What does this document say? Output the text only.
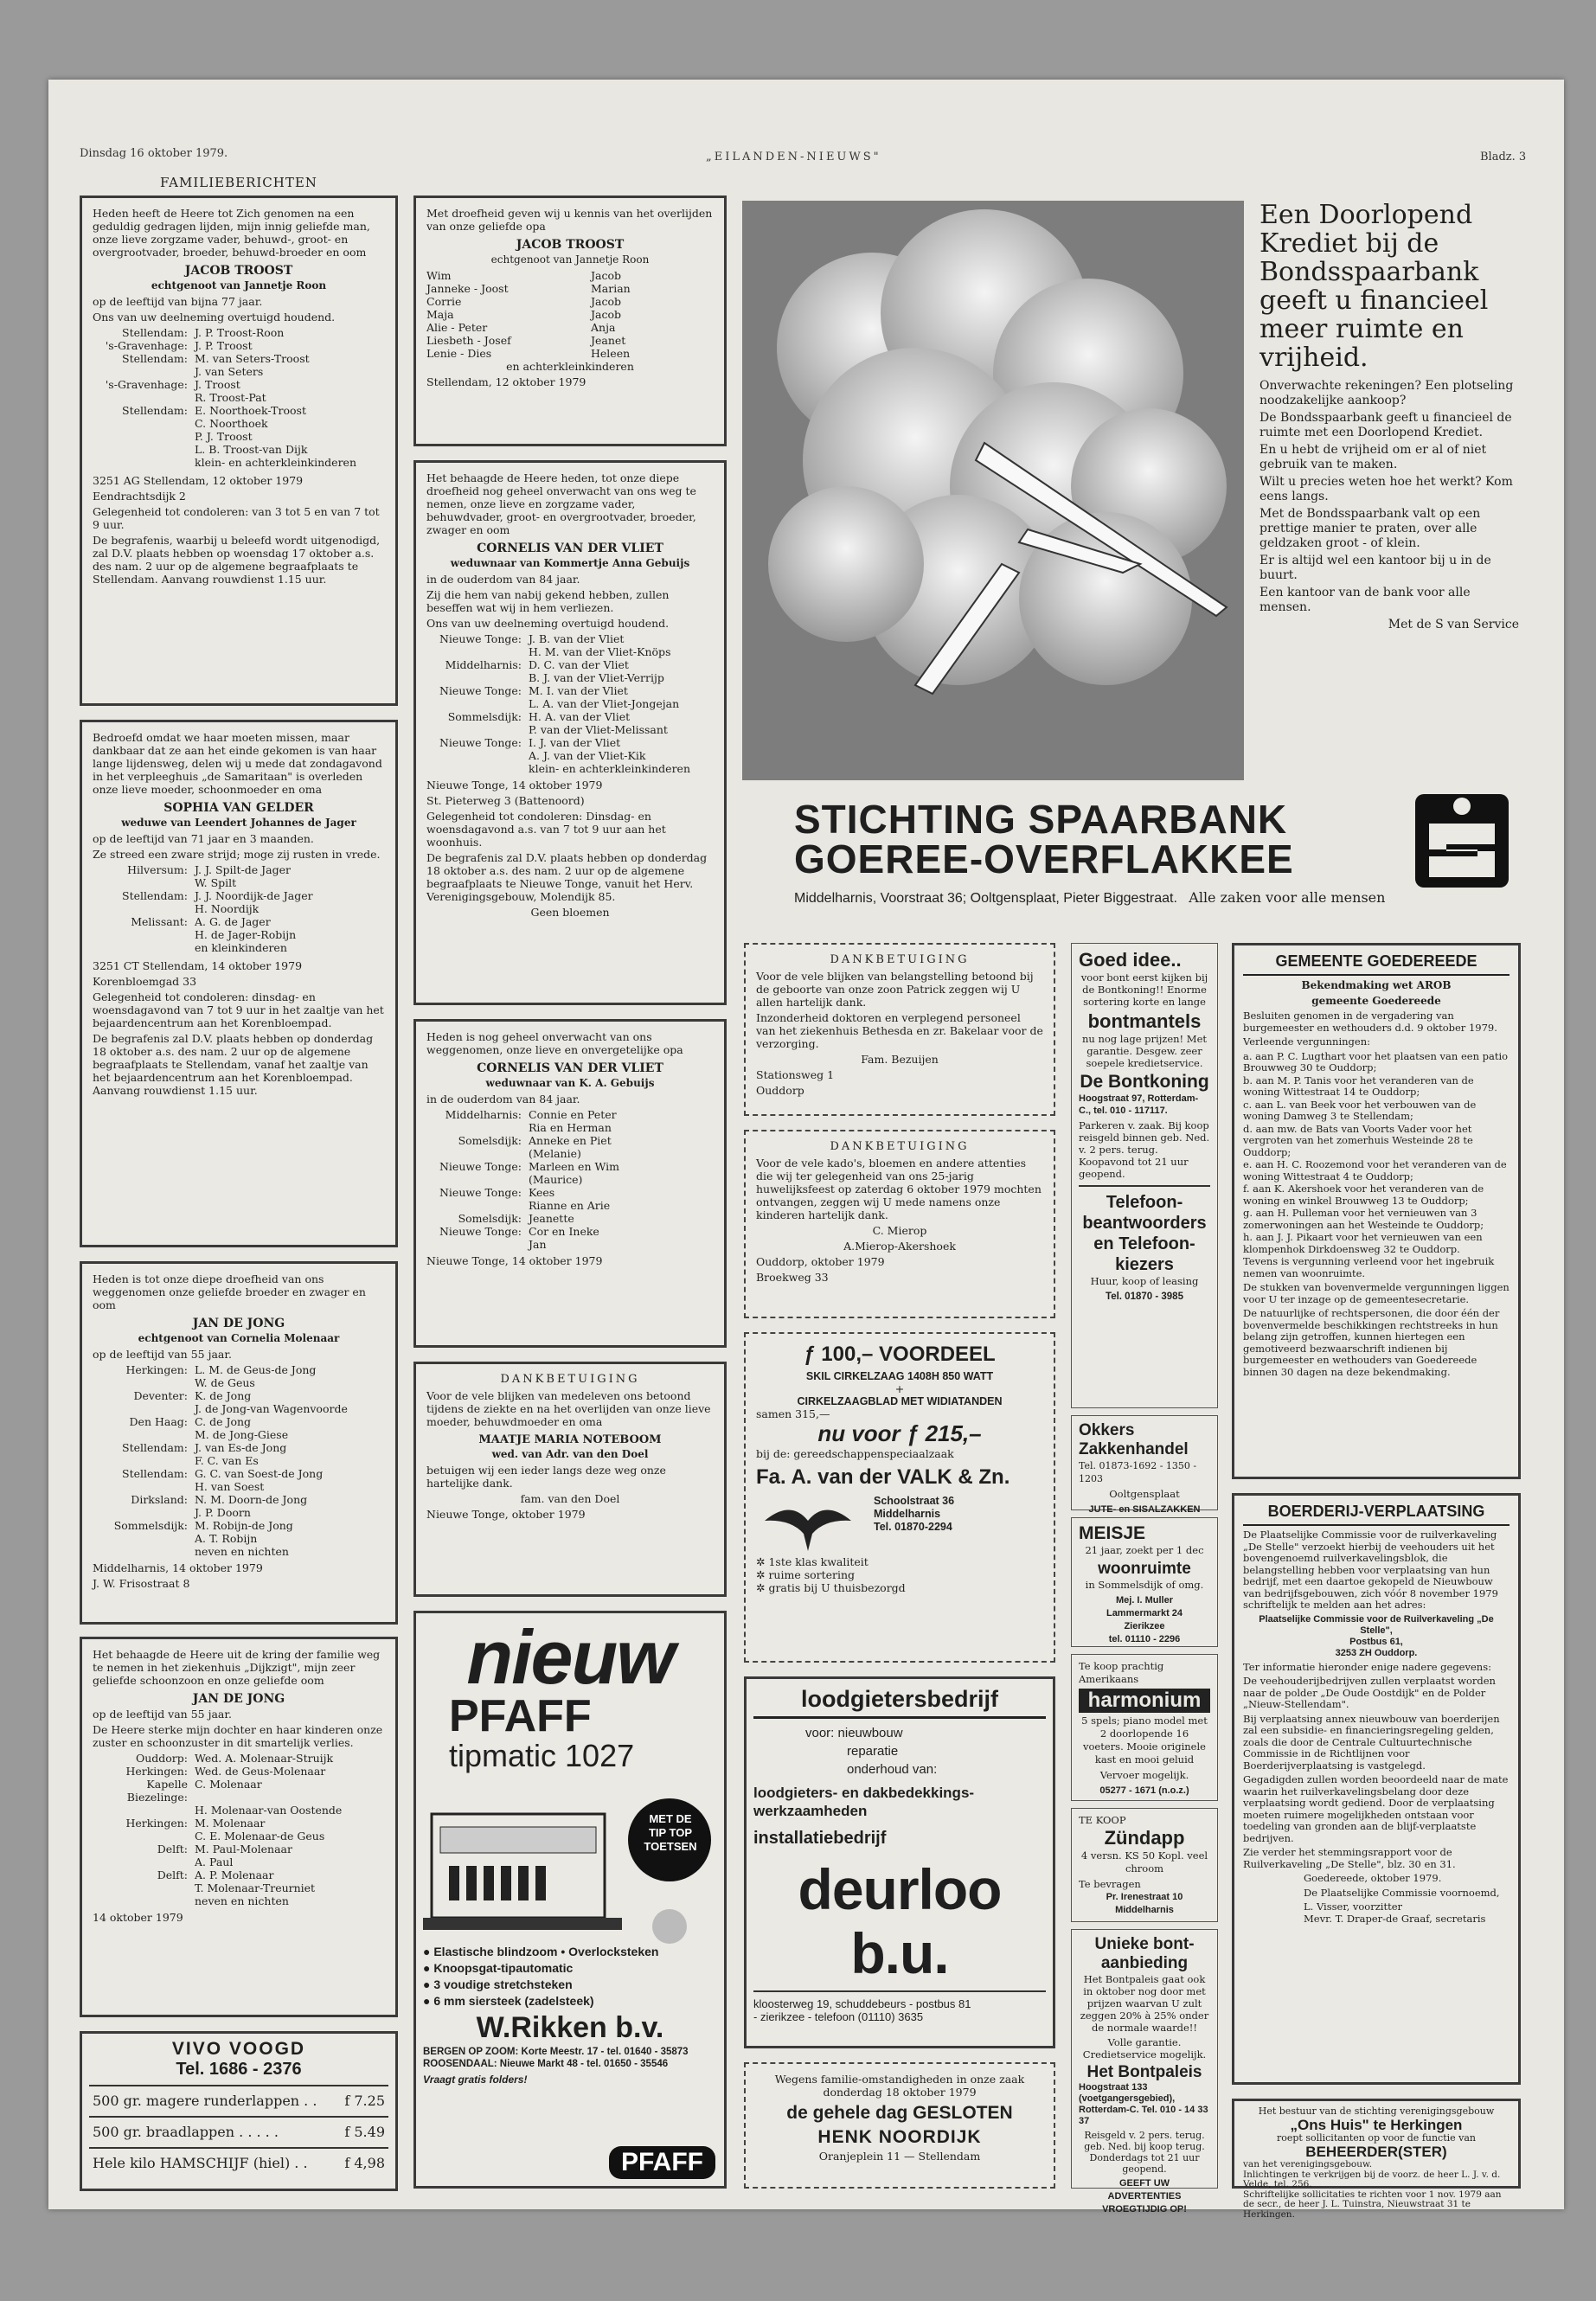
Dinsdag 16 oktober 1979.	„EILANDEN-NIEUWS"	Bladz. 3
FAMILIEBERICHTEN

Heden heeft de Heere tot Zich genomen na een geduldig gedragen lijden, mijn innig geliefde man, onze lieve zorgzame vader, behuwd-, groot- en overgrootvader, broeder, behuwd-broeder en oom

JACOB TROOST
echtgenoot van Jannetje Roon

op de leeftijd van bijna 77 jaar.

Ons van uw deelneming overtuigd houdend.

Stellendam: J. P. Troost-Roon
's-Gravenhage: J. P. Troost
Stellendam: M. van Seters-Troost
J. van Seters
's-Gravenhage: J. Troost
R. Troost-Pat
Stellendam: E. Noorthoek-Troost
C. Noorthoek
P. J. Troost
L. B. Troost-van Dijk
klein- en achterkleinkinderen

3251 AG Stellendam, 12 oktober 1979

Eendrachtsdijk 2

Gelegenheid tot condoleren: van 3 tot 5 en van 7 tot 9 uur.

De begrafenis, waarbij u beleefd wordt uitgenodigd, zal D.V. plaats hebben op woensdag 17 oktober a.s. des nam. 2 uur op de algemene begraafplaats te Stellendam. Aanvang rouwdienst 1.15 uur.

Bedroefd omdat we haar moeten missen, maar dankbaar dat ze aan het einde gekomen is van haar lange lijdensweg, delen wij u mede dat zondagavond in het verpleeghuis „de Samaritaan" is overleden onze lieve moeder, schoonmoeder en oma

SOPHIA VAN GELDER
weduwe van Leendert Johannes de Jager

op de leeftijd van 71 jaar en 3 maanden.

Ze streed een zware strijd; moge zij rusten in vrede.

Hilversum: J. J. Spilt-de Jager
W. Spilt
Stellendam: J. J. Noordijk-de Jager
H. Noordijk
Melissant: A. G. de Jager
H. de Jager-Robijn
en kleinkinderen

3251 CT Stellendam, 14 oktober 1979

Korenbloemgad 33

Gelegenheid tot condoleren: dinsdag- en woensdagavond van 7 tot 9 uur in het zaaltje van het bejaardencentrum aan het Korenbloempad.

De begrafenis zal D.V. plaats hebben op donderdag 18 oktober a.s. des nam. 2 uur op de algemene begraafplaats te Stellendam, vanaf het zaaltje van het bejaardencentrum aan het Korenbloempad. Aanvang rouwdienst 1.15 uur.

Heden is tot onze diepe droefheid van ons weggenomen onze geliefde broeder en zwager en oom

JAN DE JONG
echtgenoot van Cornelia Molenaar

op de leeftijd van 55 jaar.

Herkingen: L. M. de Geus-de Jong
W. de Geus
Deventer: K. de Jong
J. de Jong-van Wagenvoorde
Den Haag: C. de Jong
M. de Jong-Giese
Stellendam: J. van Es-de Jong
F. C. van Es
Stellendam: G. C. van Soest-de Jong
H. van Soest
Dirksland: N. M. Doorn-de Jong
J. P. Doorn
Sommelsdijk: M. Robijn-de Jong
A. T. Robijn
neven en nichten

Middelharnis, 14 oktober 1979

J. W. Frisostraat 8

Het behaagde de Heere uit de kring der familie weg te nemen in het ziekenhuis „Dijkzigt", mijn zeer geliefde schoonzoon en onze geliefde oom

JAN DE JONG

op de leeftijd van 55 jaar.

De Heere sterke mijn dochter en haar kinderen onze zuster en schoonzuster in dit smartelijk verlies.

Ouddorp: Wed. A. Molenaar-Struijk
Herkingen: Wed. de Geus-Molenaar
Kapelle Biezelinge:
C. Molenaar
H. Molenaar-van Oostende
Herkingen: M. Molenaar
C. E. Molenaar-de Geus
Delft: M. Paul-Molenaar
A. Paul
Delft: A. P. Molenaar
T. Molenaar-Treurniet
neven en nichten

14 oktober 1979

VIVO VOOGD
Tel. 1686 - 2376
500 gr. magere runderlappen . . f 7.25
500 gr. braadlappen . . . . .	f 5.49
Hele kilo HAMSCHIJF (hiel) . .	f 4,98

Met droefheid geven wij u kennis van het overlijden van onze geliefde opa

JACOB TROOST
echtgenoot van Jannetje Roon
Wim	Jacob
Janneke - Joost	Marian
Corrie	Jacob
Maja	Jacob
Alie - Peter	Anja
Liesbeth - Josef	Jeanet
Lenie - Dies	Heleen

en achterkleinkinderen

Stellendam, 12 oktober 1979

Het behaagde de Heere heden, tot onze diepe droefheid nog geheel onverwacht van ons weg te nemen, onze lieve en zorgzame vader, behuwdvader, groot- en overgrootvader, broeder, zwager en oom

CORNELIS VAN DER VLIET
weduwnaar van Kommertje Anna Gebuijs

in de ouderdom van 84 jaar.

Zij die hem van nabij gekend hebben, zullen beseffen wat wij in hem verliezen.

Ons van uw deelneming overtuigd houdend.

Nieuwe Tonge: J. B. van der Vliet
H. M. van der Vliet-Knöps
Middelharnis: D. C. van der Vliet
B. J. van der Vliet-Verrijp
Nieuwe Tonge: M. I. van der Vliet
L. A. van der Vliet-Jongejan
Sommelsdijk: H. A. van der Vliet
P. van der Vliet-Melissant
Nieuwe Tonge: I. J. van der Vliet
A. J. van der Vliet-Kik
klein- en achterkleinkinderen

Nieuwe Tonge, 14 oktober 1979

St. Pieterweg 3 (Battenoord)

Gelegenheid tot condoleren: Dinsdag- en woensdagavond a.s. van 7 tot 9 uur aan het woonhuis.

De begrafenis zal D.V. plaats hebben op donderdag 18 oktober a.s. des nam. 2 uur op de algemene begraafplaats te Nieuwe Tonge, vanuit het Herv. Verenigingsgebouw, Molendijk 85.

Geen bloemen

Heden is nog geheel onverwacht van ons weggenomen, onze lieve en onvergetelijke opa

CORNELIS VAN DER VLIET
weduwnaar van K. A. Gebuijs

in de ouderdom van 84 jaar.

Middelharnis: Connie en Peter
Ria en Herman
Somelsdijk: Anneke en Piet
(Melanie)
Nieuwe Tonge: Marleen en Wim
(Maurice)
Nieuwe Tonge: Kees
Rianne en Arie
Somelsdijk: Jeanette
Nieuwe Tonge: Cor en Ineke
Jan

Nieuwe Tonge, 14 oktober 1979

DANKBETUIGING

Voor de vele blijken van medeleven ons betoond tijdens de ziekte en na het overlijden van onze lieve moeder, behuwdmoeder en oma

MAATJE MARIA NOTEBOOM
wed. van Adr. van den Doel

betuigen wij een ieder langs deze weg onze hartelijke dank.

fam. van den Doel

Nieuwe Tonge, oktober 1979

nieuw
PFAFF
tipmatic 1027
MET DE
TIP TOP
TOETSEN
● Elastische blindzoom • Overlocksteken
● Knoopsgat-tipautomatic
● 3 voudige stretchsteken
● 6 mm siersteek (zadelsteek)
W.Rikken b.v.
BERGEN OP ZOOM: Korte Meestr. 17 - tel. 01640 - 35873
ROOSENDAAL: Nieuwe Markt 48 - tel. 01650 - 35546
Vraagt gratis folders!
PFAFF
Een Doorlopend Krediet bij de Bondsspaarbank geeft u financieel meer ruimte en vrijheid.

Onverwachte rekeningen? Een plotseling noodzakelijke aankoop?

De Bondsspaarbank geeft u financieel de ruimte met een Doorlopend Krediet.

En u hebt de vrijheid om er al of niet gebruik van te maken.

Wilt u precies weten hoe het werkt? Kom eens langs.

Met de Bondsspaarbank valt op een prettige manier te praten, over alle geldzaken groot - of klein.

Er is altijd wel een kantoor bij u in de buurt.

Een kantoor van de bank voor alle mensen.

Met de S van Service

STICHTING SPAARBANK
GOEREE-OVERFLAKKEE
Middelharnis, Voorstraat 36; Ooltgensplaat, Pieter Biggestraat. Alle zaken voor alle mensen
DANKBETUIGING

Voor de vele blijken van belangstelling betoond bij de geboorte van onze zoon Patrick zeggen wij U allen hartelijk dank.

Inzonderheid doktoren en verplegend personeel van het ziekenhuis Bethesda en zr. Bakelaar voor de verzorging.

Fam. Bezuijen

Stationsweg 1

Ouddorp

DANKBETUIGING

Voor de vele kado's, bloemen en andere attenties die wij ter gelegenheid van ons 25-jarig huwelijksfeest op zaterdag 6 oktober 1979 mochten ontvangen, zeggen wij U mede namens onze kinderen hartelijk dank.

C. Mierop

A.Mierop-Akershoek

Ouddorp, oktober 1979

Broekweg 33

ƒ 100,– VOORDEEL
SKIL CIRKELZAAG 1408H 850 WATT
+
CIRKELZAAGBLAD MET WIDIATANDEN
samen 315,—
nu voor ƒ 215,–
bij de: gereedschappenspeciaalzaak
Fa. A. van der VALK & Zn.
Schoolstraat 36
Middelharnis
Tel. 01870-2294
✲ 1ste klas kwaliteit
✲ ruime sortering
✲ gratis bij U thuisbezorgd
loodgietersbedrijf
voor: nieuwbouw
reparatie
onderhoud van:
loodgieters- en dakbedekkings-werkzaamheden
installatiebedrijf
deurloo b.u.
kloosterweg 19, schuddebeurs - postbus 81
- zierikzee - telefoon (01110) 3635

Wegens familie-omstandigheden in onze zaak donderdag 18 oktober 1979

de gehele dag GESLOTEN
HENK NOORDIJK

Oranjeplein 11 — Stellendam

Goed idee..

voor bont eerst kijken bij de Bontkoning!! Enorme sortering korte en lange

bontmantels

nu nog lage prijzen! Met garantie. Desgew. zeer soepele kredietservice.

De Bontkoning

Hoogstraat 97, Rotterdam-C., tel. 010 - 117117.

Parkeren v. zaak. Bij koop reisgeld binnen geb. Ned. v. 2 pers. terug. Koopavond tot 21 uur geopend.

Telefoon-beantwoorders en Telefoon-kiezers

Huur, koop of leasing

Tel. 01870 - 3985

Okkers Zakkenhandel

Tel. 01873-1692 - 1350 - 1203

Ooltgensplaat

JUTE- en SISALZAKKEN

MEISJE

21 jaar, zoekt per 1 dec

woonruimte

in Sommelsdijk of omg.

Mej. I. Muller

Lammermarkt 24

Zierikzee

tel. 01110 - 2296

Te koop prachtig Amerikaans

harmonium

5 spels; piano model met 2 doorlopende 16 voeters. Mooie originele kast en mooi geluid

Vervoer mogelijk.

05277 - 1671 (n.o.z.)

TE KOOP

Zündapp

4 versn. KS 50 Kopl. veel chroom

Te bevragen

Pr. Irenestraat 10

Middelharnis

Unieke bont-aanbieding

Het Bontpaleis gaat ook in oktober nog door met prijzen waarvan U zult zeggen 20% à 25% onder de normale waarde!!

Volle garantie. Credietservice mogelijk.

Het Bontpaleis

Hoogstraat 133 (voetgangersgebied), Rotterdam-C. Tel. 010 - 14 33 37

Reisgeld v. 2 pers. terug. geb. Ned. bij koop terug. Donderdags tot 21 uur geopend.

GEEFT UW

ADVERTENTIES

VROEGTIJDIG OP!

GEMEENTE GOEDEREEDE
Bekendmaking wet AROB
gemeente Goedereede

Besluiten genomen in de vergadering van burgemeester en wethouders d.d. 9 oktober 1979.

Verleende vergunningen:

a. aan P. C. Lugthart voor het plaatsen van een patio Brouwweg 30 te Ouddorp;

b. aan M. P. Tanis voor het veranderen van de woning Wittestraat 14 te Ouddorp;

c. aan L. van Beek voor het verbouwen van de woning Damweg 3 te Stellendam;

d. aan mw. de Bats van Voorts Vader voor het vergroten van het zomerhuis Westeinde 28 te Ouddorp;

e. aan H. C. Roozemond voor het veranderen van de woning Wittestraat 4 te Ouddorp;

f. aan K. Akershoek voor het veranderen van de woning en winkel Brouwweg 13 te Ouddorp;

g. aan H. Pulleman voor het vernieuwen van 3 zomerwoningen aan het Westeinde te Ouddorp;

h. aan J. J. Pikaart voor het vernieuwen van een klompenhok Dirkdoensweg 32 te Ouddorp.

Tevens is vergunning verleend voor het ingebruik nemen van woonruimte.

De stukken van bovenvermelde vergunningen liggen voor U ter inzage op de gemeentesecretarie.

De natuurlijke of rechtspersonen, die door één der bovenvermelde beschikkingen rechtstreeks in hun belang zijn getroffen, kunnen hiertegen een gemotiveerd bezwaarschrift indienen bij burgemeester en wethouders van Goedereede binnen 30 dagen na deze bekendmaking.

BOERDERIJ-VERPLAATSING

De Plaatselijke Commissie voor de ruilverkaveling „De Stelle" verzoekt hierbij de veehouders uit het bovengenoemd ruilverkavelingsblok, die belangstelling hebben voor verplaatsing van hun bedrijf, met een daartoe gekopeld de Nieuwbouw van bedrijfsgebouwen, zich vóór 8 november 1979 schriftelijk te melden aan het adres:

Plaatselijke Commissie voor de Ruilverkaveling „De Stelle",

Postbus 61,

3253 ZH Ouddorp.

Ter informatie hieronder enige nadere gegevens:

De veehouderijbedrijven zullen verplaatst worden naar de polder „De Oude Oostdijk" en de Polder „Nieuw-Stellendam".

Bij verplaatsing annex nieuwbouw van boerderijen zal een subsidie- en financieringsregeling gelden, zoals die door de Centrale Cultuurtechnische Commissie in de Richtlijnen voor Boerderijverplaatsing is vastgelegd.

Gegadigden zullen worden beoordeeld naar de mate waarin het ruilverkavelingsbelang door deze verplaatsing wordt gediend. Door de verplaatsing moeten ruimere mogelijkheden ontstaan voor toedeling van gronden aan de blijf-verplaatste bedrijven.

Zie verder het stemmingsrapport voor de Ruilverkaveling „De Stelle", blz. 30 en 31.

Goedereede, oktober 1979.

De Plaatselijke Commissie voornoemd,

L. Visser, voorzitter

Mevr. T. Draper-de Graaf, secretaris

Het bestuur van de stichting verenigingsgebouw

„Ons Huis" te Herkingen

roept sollicitanten op voor de functie van

BEHEERDER(STER)

van het verenigingsgebouw.

Inlichtingen te verkrijgen bij de voorz. de heer L. J. v. d. Velde, tel. 256.

Schriftelijke sollicitaties te richten voor 1 nov. 1979 aan de secr., de heer J. L. Tuinstra, Nieuwstraat 31 te Herkingen.
